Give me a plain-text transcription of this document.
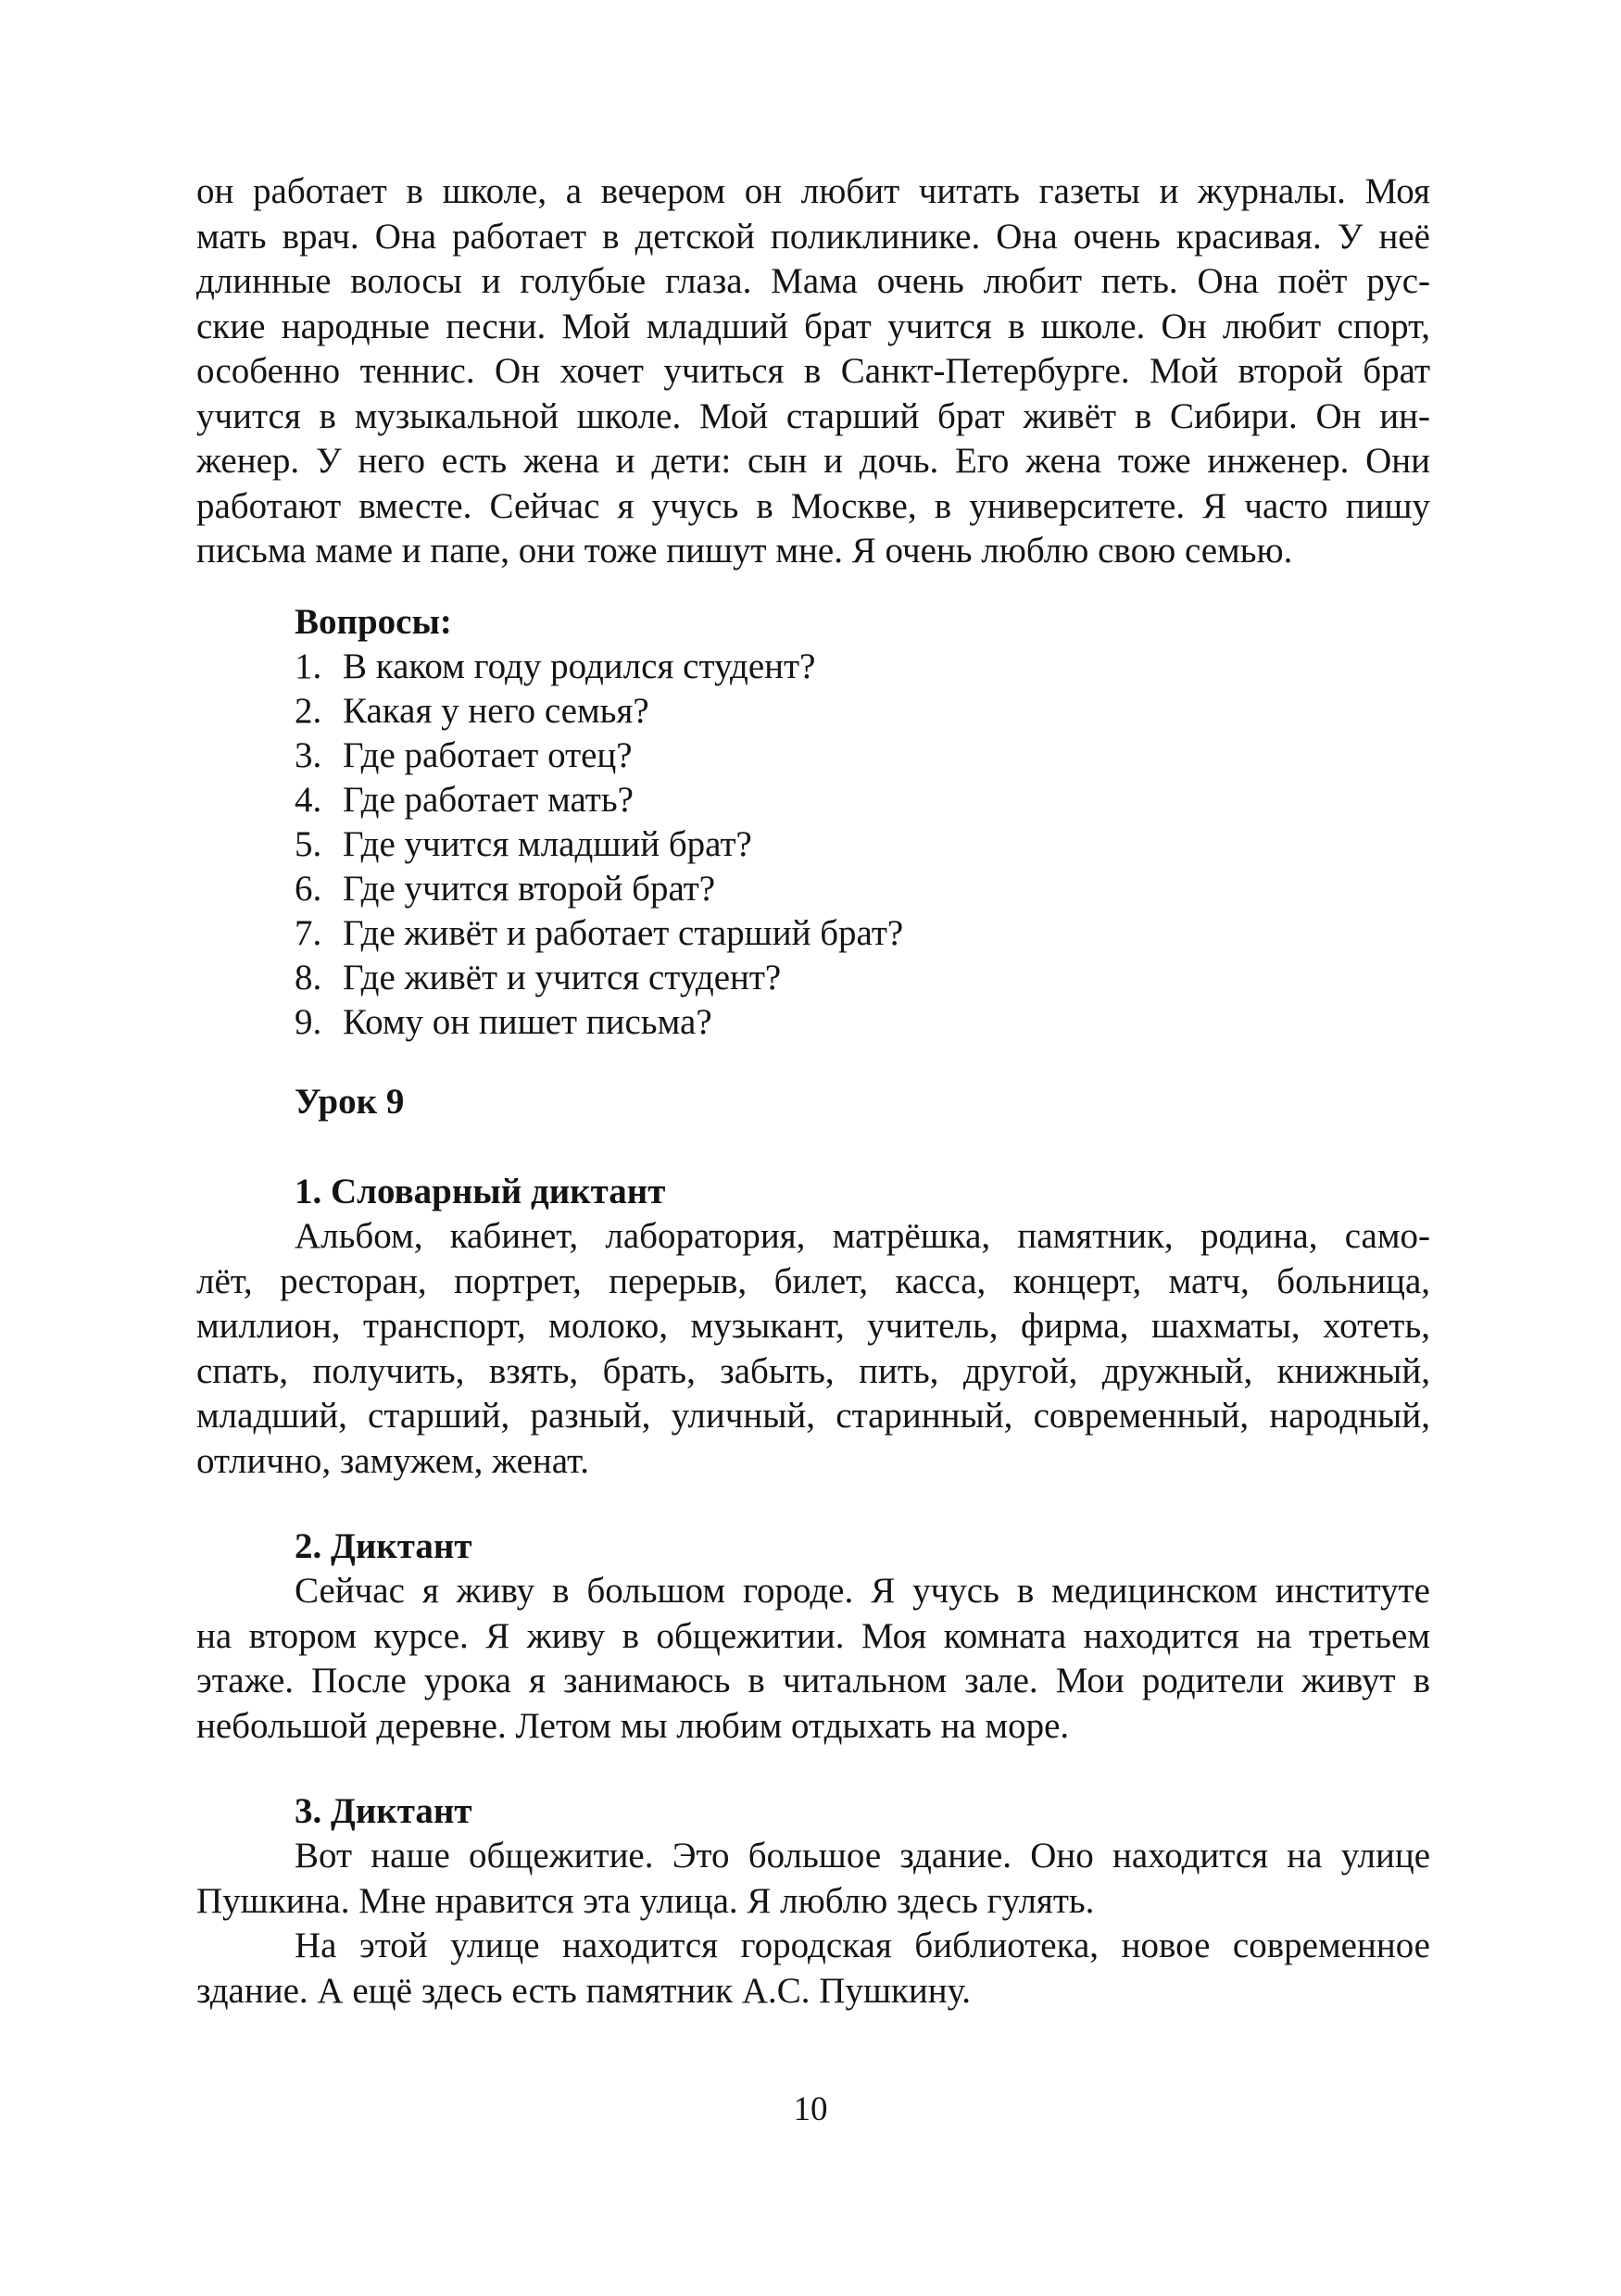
он работает в школе, а вечером он любит читать газеты и журналы. Моя

мать врач. Она работает в детской поликлинике. Она очень красивая. У неё

длинные волосы и голубые глаза. Мама очень любит петь. Она поёт рус-

ские народные песни. Мой младший брат учится в школе. Он любит спорт,

особенно теннис. Он хочет учиться в Санкт-Петербурге. Мой второй брат

учится в музыкальной школе. Мой старший брат живёт в Сибири. Он ин-

женер. У него есть жена и дети: сын и дочь. Его жена тоже инженер. Они

работают вместе. Сейчас я учусь в Москве, в университете. Я часто пишу

письма маме и папе, они тоже пишут мне. Я очень люблю свою семью.

Вопросы:
1. В каком году родился студент?
2. Какая у него семья?
3. Где работает отец?
4. Где работает мать?
5. Где учится младший брат?
6. Где учится второй брат?
7. Где живёт и работает старший брат?
8. Где живёт и учится студент?
9. Кому он пишет письма?
Урок 9
1. Словарный диктант

Альбом, кабинет, лаборатория, матрёшка, памятник, родина, само-

лёт, ресторан, портрет, перерыв, билет, касса, концерт, матч, больница,

миллион, транспорт, молоко, музыкант, учитель, фирма, шахматы, хотеть,

спать, получить, взять, брать, забыть, пить, другой, дружный, книжный,

младший, старший, разный, уличный, старинный, современный, народный,

отлично, замужем, женат.

2. Диктант

Сейчас я живу в большом городе. Я учусь в медицинском институте

на втором курсе. Я живу в общежитии. Моя комната находится на третьем

этаже. После урока я занимаюсь в читальном зале. Мои родители живут в

небольшой деревне. Летом мы любим отдыхать на море.

3. Диктант

Вот наше общежитие. Это большое здание. Оно находится на улице

Пушкина. Мне нравится эта улица. Я люблю здесь гулять.

На этой улице находится городская библиотека, новое современное

здание. А ещё здесь есть памятник А.С. Пушкину.

10
